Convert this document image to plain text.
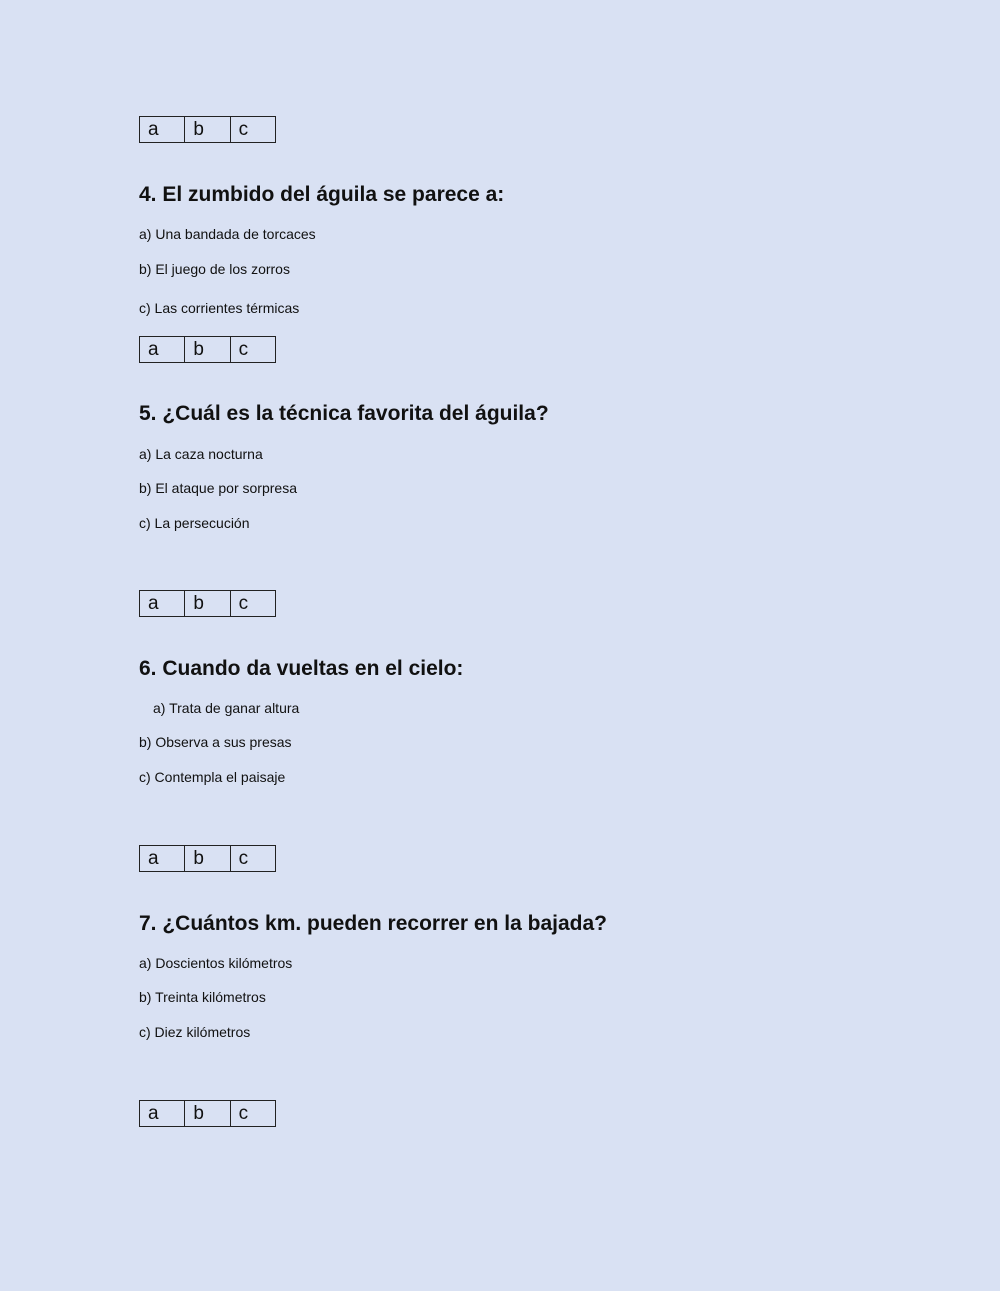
a	b	c
4. El zumbido del águila se parece a:
a) Una bandada de torcaces
b) El juego de los zorros
c) Las corrientes térmicas
a	b	c
5. ¿Cuál es la técnica favorita del águila?
a) La caza nocturna
b) El ataque por sorpresa
c) La persecución
a	b	c
6. Cuando da vueltas en el cielo:
a) Trata de ganar altura
b) Observa a sus presas
c) Contempla el paisaje
a	b	c
7. ¿Cuántos km. pueden recorrer en la bajada?
a) Doscientos kilómetros
b) Treinta kilómetros
c) Diez kilómetros
a	b	c
